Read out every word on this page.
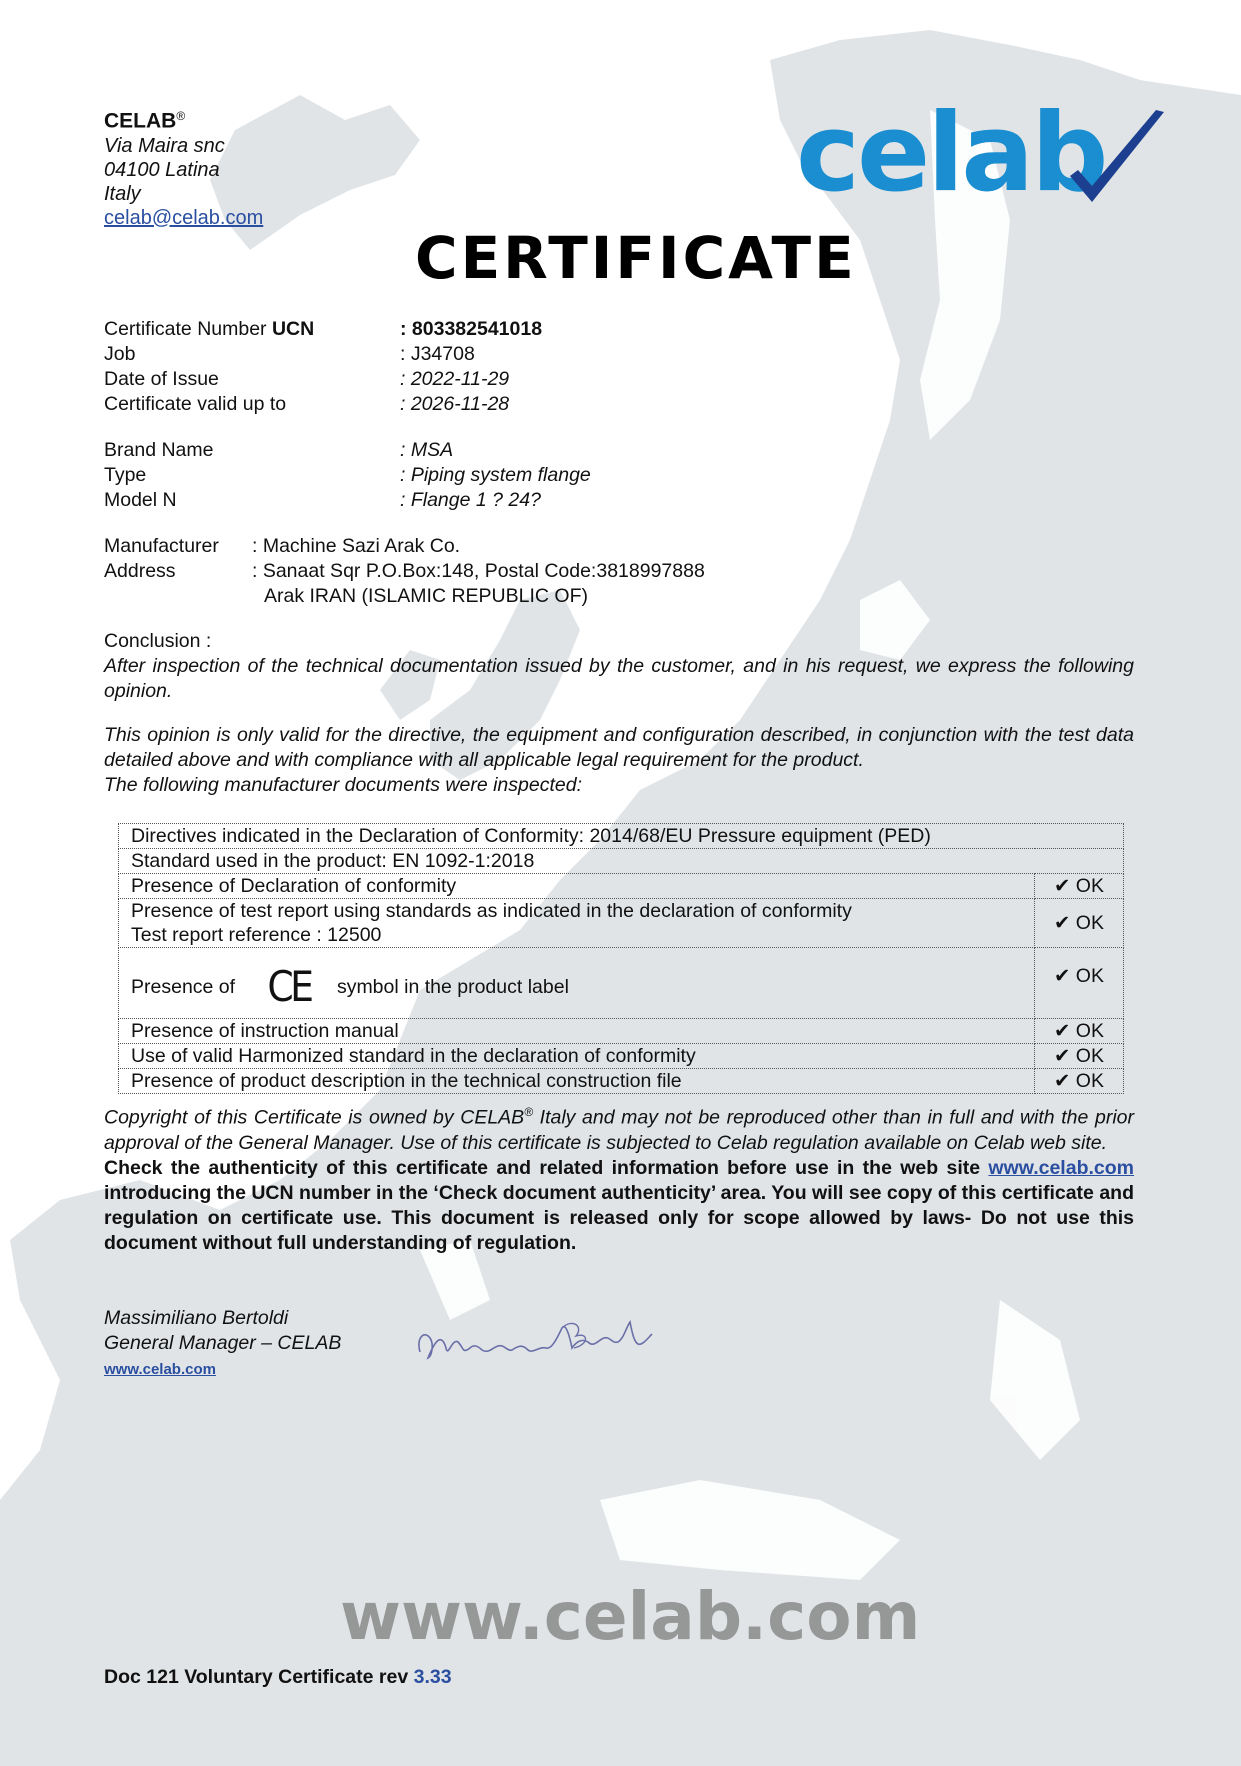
CELAB®
Via Maira snc
04100 Latina
Italy
celab@celab.com
celab
CERTIFICATE
Certificate Number UCN	: 803382541018
Job	: J34708
Date of Issue	: 2022-11-29
Certificate valid up to	: 2026-11-28
Brand Name	: MSA
Type	: Piping system flange
Model N	: Flange 1 ? 24?
Manufacturer	: Machine Sazi Arak Co.
Address	: Sanaat Sqr P.O.Box:148, Postal Code:3818997888
Arak IRAN (ISLAMIC REPUBLIC OF)

Conclusion :

After inspection of the technical documentation issued by the customer, and in his request, we express the following opinion.

This opinion is only valid for the directive, the equipment and configuration described, in conjunction with the test data detailed above and with compliance with all applicable legal requirement for the product.

The following manufacturer documents were inspected:

Directives indicated in the Declaration of Conformity: 2014/68/EU Pressure equipment (PED)	
Standard used in the product: EN 1092-1:2018	
Presence of Declaration of conformity	✔ OK

Presence of test report using standards as indicated in the declaration of conformity
Test report reference : 12500	✔ OK
Presence of CE symbol in the product label	✔ OK
Presence of instruction manual	✔ OK
Use of valid Harmonized standard in the declaration of conformity	✔ OK
Presence of product description in the technical construction file	✔ OK

Copyright of this Certificate is owned by CELAB® Italy and may not be reproduced other than in full and with the prior approval of the General Manager. Use of this certificate is subjected to Celab regulation available on Celab web site.

Check the authenticity of this certificate and related information before use in the web site www.celab.com introducing the UCN number in the ‘Check document authenticity’ area. You will see copy of this certificate and regulation on certificate use. This document is released only for scope allowed by laws- Do not use this document without full understanding of regulation.

Massimiliano Bertoldi
General Manager – CELAB
www.celab.com
www.celab.com
Doc 121 Voluntary Certificate rev 3.33
